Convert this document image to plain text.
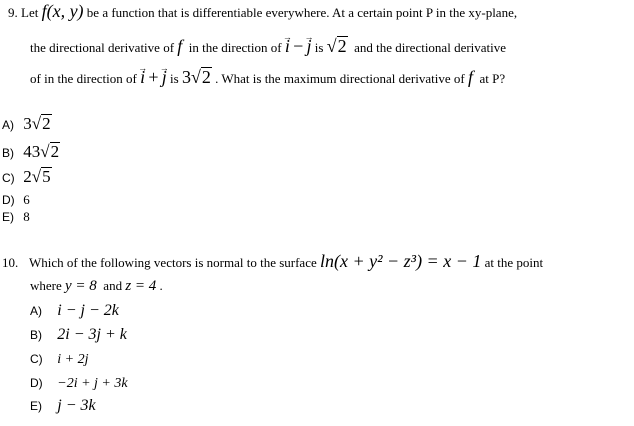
9. Let f(x, y) be a function that is differentiable everywhere. At a certain point P in the xy-plane,
the directional derivative of f in the direction of → i − → j is √2 and the directional derivative
of in the direction of → i + → j is 3√2 . What is the maximum directional derivative of f at P?
A) 3√2
B) 43√2
C) 2√5
D) 6
E) 8
10. Which of the following vectors is normal to the surface ln(x + y² − z³) = x − 1 at the point
where y = 8 and z = 4 .
A) i − j − 2k
B) 2i − 3j + k
C) i + 2j
D) −2i + j + 3k
E) j − 3k
